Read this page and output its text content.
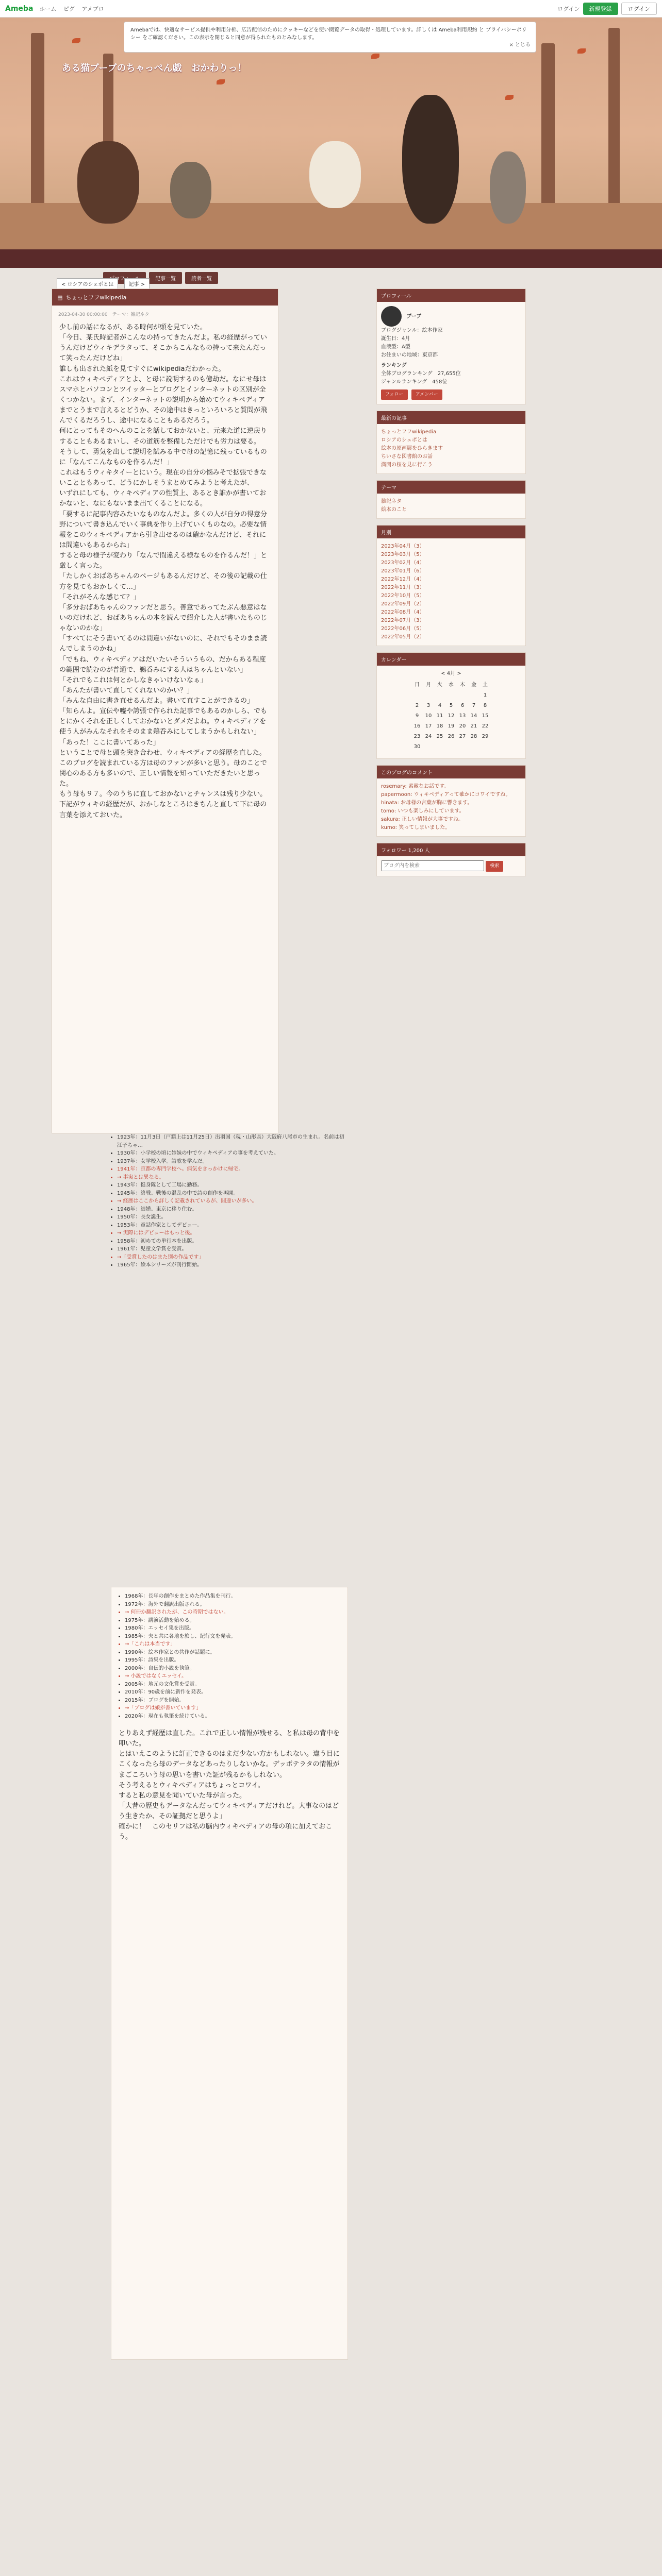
Ameba ホーム ピグ アメブロ	ログイン	新規登録	ログイン
ある猫ブーブのちゃっぺん戯　おかわりっ！
Amebaでは、快適なサービス提供や利用分析、広告配信のためにクッキーなどを使い閲覧データの取得・処理しています。詳しくは Ameba利用規約 と プライバシーポリシー をご確認ください。この表示を閉じると同意が得られたものとみなします。
× とじる
記事一覧	読者一覧
< ロシアのシェポとは	記事 >
▤ ちょっとフフwikipedia
2023-04-30 00:00:00　テーマ：雑記ネタ

少し前の話になるが、ある時何が頭を見ていた。

「今日、某氏時記者がこんなの持ってきたんだよ。私の経歴がっていうんだけどウィキデラタって、そこからこんなもの持って来たんだって笑ったんだけどね」

誰しも出された紙を見てすぐにwikipediaだわかった。

これはウィキペディアとよ、と母に説明するのも億劫だ。なにせ母はスマホとパソコンとツイッターとブログとインターネットの区別が全くつかない。まず、インターネットの説明から始めてウィキペディアまでとうまで言えるとどうか、その途中はきっといろいろと質問が飛んでくるだろうし、途中になることもあるだろう。

何にとってもそのへんのことを話しておかないと、元来た道に逆戻りすることもあるまいし、その道筋を整備しただけでも労力は要る。

そうして、勇気を出して説明を試みる中で母の記憶に残っているものに「なんてこんなものを作るんだ！」

これはもうウィキタイーとにいう。現在の自分の悩みそで拡張できないことともあって、どうにかしそうまとめてみようと考えたが、

いずれにしても、ウィキペディアの性質上、あるとき誰かが書いておかないと、なにもないまま出てくることになる。

「要するに記事内容みたいなものなんだよ。多くの人が自分の得意分野について書き込んでいく事典を作り上げていくものなの。必要な情報をこのウィキペディアから引き出せるのは確かなんだけど、それには間違いもあるからね」

すると母の様子が変わり「なんで間違える様なものを作るんだ！」と厳しく言った。

「たしかくおばあちゃんのページもあるんだけど、その後の記載の仕方を見てもおかしくて…」

「それがそんな感じて？」

「多分おばあちゃんのファンだと思う。善意であってたぶん悪意はないのだけれど、おばあちゃんの本を読んで紹介した人が書いたものじゃないのかな」

「すべてにそう書いてるのは間違いがないのに、それでもそのまま読んでしまうのかね」

「でもね、ウィキペディアはだいたいそういうもの、だからある程度の範囲で読むのが普通で、鵜呑みにする人はちゃんといない」

「それでもこれは何とかしなきゃいけないなぁ」

「あんたが書いて直してくれないのかい？」

「みんな自由に書き直せるんだよ。書いて直すことができるの」

「知らんよ。宣伝や嘘や誇張で作られた記事でもあるのかしら、でもとにかくそれを正しくしておかないとダメだよね。ウィキペディアを使う人がみんなそれをそのまま鵜呑みにしてしまうかもしれない」

「あった！ここに書いてあった」

ということで母と頭を突き合わせ、ウィキペディアの経歴を直した。このブログを読まれている方は母のファンが多いと思う。母のことで関心のある方も多いので、正しい情報を知っていただきたいと思った。

もう母も９７。今のうちに直しておかないとチャンスは残り少ない。

下記がウィキの経歴だが、おかしなところはきちんと直して下に母の言葉を添えておいた。

• 1923年：11月3日（戸籍上は11月25日）出羽国（現・山形県）大阪府八尾市の生まれ。名前は初江子ちゃ…
• 1930年：小学校の頃に姉妹の中でウィキペディアの事を考えていた。
• 1937年：女学校入学。詩歌を学んだ。
• 1941年：京都の専門学校へ。病気をきっかけに帰宅。
• → 事実とは異なる。
• 1943年：挺身隊として工場に勤務。
• 1945年：終戦。戦後の混乱の中で詩の創作を再開。
• → 経歴はここから詳しく記載されているが、間違いが多い。
• 1948年：結婚。東京に移り住む。
• 1950年：長女誕生。
• 1953年：童話作家としてデビュー。
• → 実際にはデビューはもっと後。
• 1958年：初めての単行本を出版。
• 1961年：児童文学賞を受賞。
• →「受賞したのはまた別の作品です」
• 1965年：絵本シリーズが刊行開始。
• 1968年：長年の創作をまとめた作品集を刊行。
• 1972年：海外で翻訳出版される。
• → 何冊か翻訳されたが、この時期ではない。
• 1975年：講演活動を始める。
• 1980年：エッセイ集を出版。
• 1985年：夫と共に各地を旅し、紀行文を発表。
• →「これは本当です」
• 1990年：絵本作家との共作が話題に。
• 1995年：詩集を出版。
• 2000年：自伝的小説を執筆。
• → 小説ではなくエッセイ。
• 2005年：地元の文化賞を受賞。
• 2010年：90歳を前に新作を発表。
• 2015年：ブログを開始。
• →「ブログは娘が書いています」
• 2020年：現在も執筆を続けている。

とりあえず経歴は直した。これで正しい情報が残せる、と私は母の背中を叩いた。

とはいえこのように訂正できるのはまだ少ない方かもしれない。違う目にこくなったら母のデータなどあったりしないかな。デッポテラタの情報がまごころいう母の思いを書いた証が残るかもしれない。

そう考えるとウィキペディアはちょっとコワイ。

すると私の意見を聞いていた母が言った。

「大昔の歴史もデータなんだってウィキペディアだけれど。大事なのはどう生きたか、その証拠だと思うよ」

確かに！　このセリフは私の脳内ウィキペディアの母の項に加えておこう。

プロフィール
ブーブ
ブログジャンル：絵本作家
誕生日：4月
血液型：A型
お住まいの地域：東京都
ランキング
全体ブログランキング　27,655位
ジャンルランキング　458位
フォロー	アメンバー
最新の記事
ちょっとフフwikipedia
ロシアのシェポとは
絵本の原画展をひらきます
ちいさな図書館のお話
満開の桜を見に行こう
テーマ
雑記ネタ
絵本のこと
月別
2023年04月（3）
2023年03月（5）
2023年02月（4）
2023年01月（6）
2022年12月（4）
2022年11月（3）
2022年10月（5）
2022年09月（2）
2022年08月（4）
2022年07月（3）
2022年06月（5）
2022年05月（2）
カレンダー
< 4月 >
日	月	火	水	木	金	土
						1
2	3	4	5	6	7	8
9	10	11	12	13	14	15
16	17	18	19	20	21	22
23	24	25	26	27	28	29
30						
このブログのコメント
rosemary: 素敵なお話です。
papermoon: ウィキペディアって確かにコワイですね。
hinata: お母様の言葉が胸に響きます。
tomo: いつも楽しみにしています。
sakura: 正しい情報が大事ですね。
kumo: 笑ってしまいました。
フォロワー 1,200 人
ブログ内を検索 検索
